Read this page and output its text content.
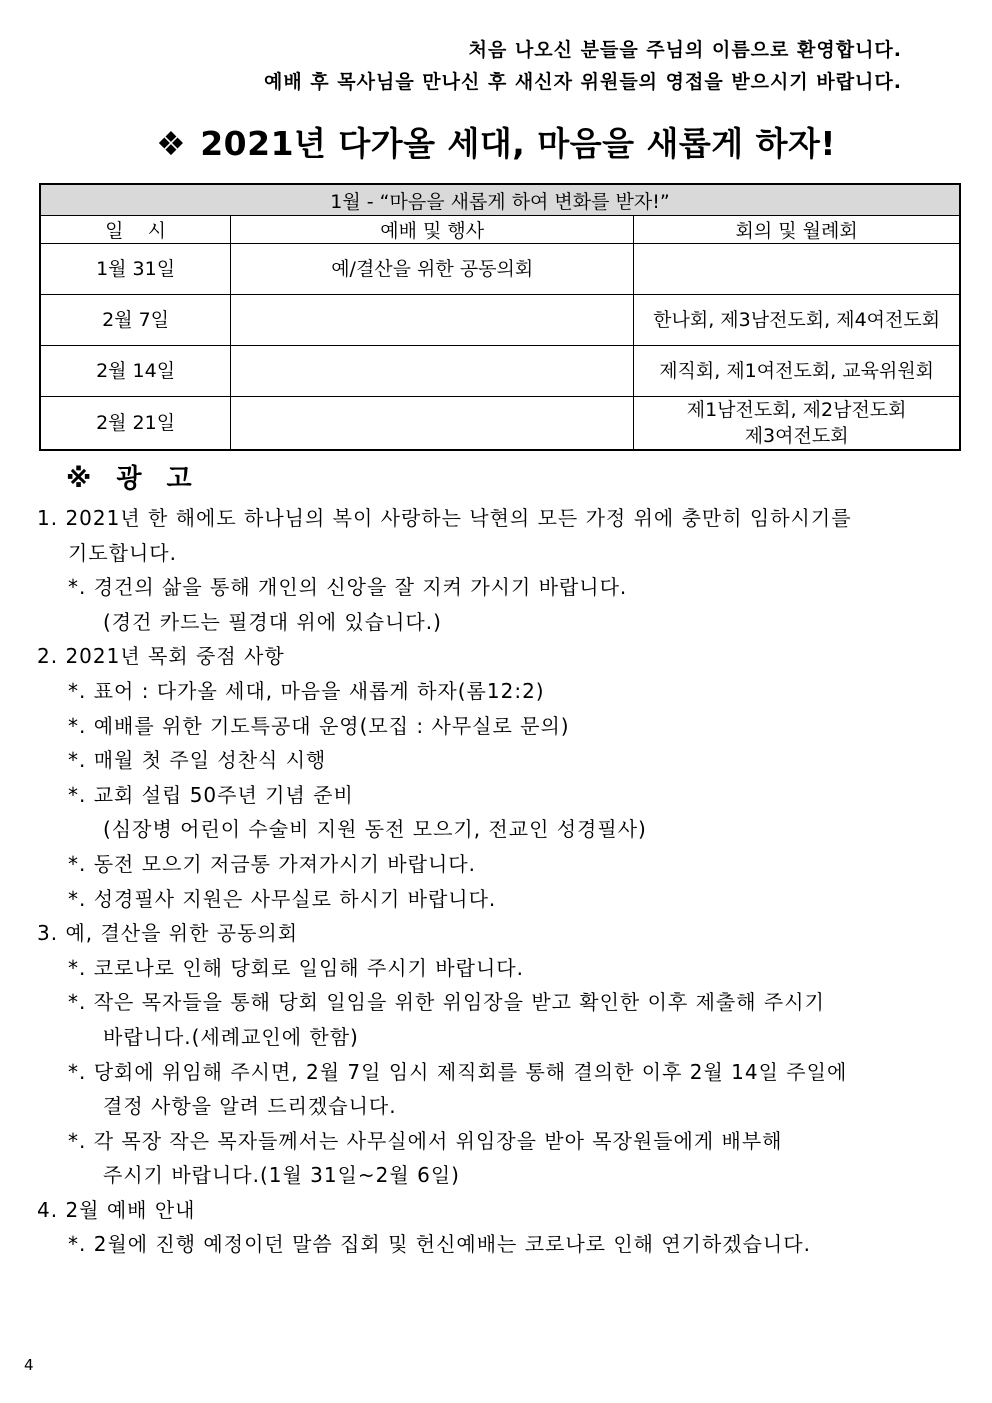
처음 나오신 분들을 주님의 이름으로 환영합니다.
예배 후 목사님을 만나신 후 새신자 위원들의 영접을 받으시기 바랍니다.
❖ 2021년 다가올 세대, 마음을 새롭게 하자!
1월 - “마음을 새롭게 하여 변화를 받자!”		
일    시	예배 및 행사	회의 및 월례회
1월 31일	예/결산을 위한 공동의회	

2월 7일		한나회, 제3남전도회, 제4여전도회

2월 14일		제직회, 제1여전도회, 교육위원회

2월 21일		제1남전도회, 제2남전도회
제3여전도회
※ 광 고
1. 2021년 한 해에도 하나님의 복이 사랑하는 낙현의 모든 가정 위에 충만히 임하시기를
기도합니다.
*. 경건의 삶을 통해 개인의 신앙을 잘 지켜 가시기 바랍니다.
(경건 카드는 필경대 위에 있습니다.)
2. 2021년 목회 중점 사항
*. 표어 : 다가올 세대, 마음을 새롭게 하자(롬12:2)
*. 예배를 위한 기도특공대 운영(모집 : 사무실로 문의)
*. 매월 첫 주일 성찬식 시행
*. 교회 설립 50주년 기념 준비
(심장병 어린이 수술비 지원 동전 모으기, 전교인 성경필사)
*. 동전 모으기 저금통 가져가시기 바랍니다.
*. 성경필사 지원은 사무실로 하시기 바랍니다.
3. 예, 결산을 위한 공동의회
*. 코로나로 인해 당회로 일임해 주시기 바랍니다.
*. 작은 목자들을 통해 당회 일임을 위한 위임장을 받고 확인한 이후 제출해 주시기
바랍니다.(세례교인에 한함)
*. 당회에 위임해 주시면, 2월 7일 임시 제직회를 통해 결의한 이후 2월 14일 주일에
결정 사항을 알려 드리겠습니다.
*. 각 목장 작은 목자들께서는 사무실에서 위임장을 받아 목장원들에게 배부해
주시기 바랍니다.(1월 31일~2월 6일)
4. 2월 예배 안내
*. 2월에 진행 예정이던 말씀 집회 및 헌신예배는 코로나로 인해 연기하겠습니다.
4
